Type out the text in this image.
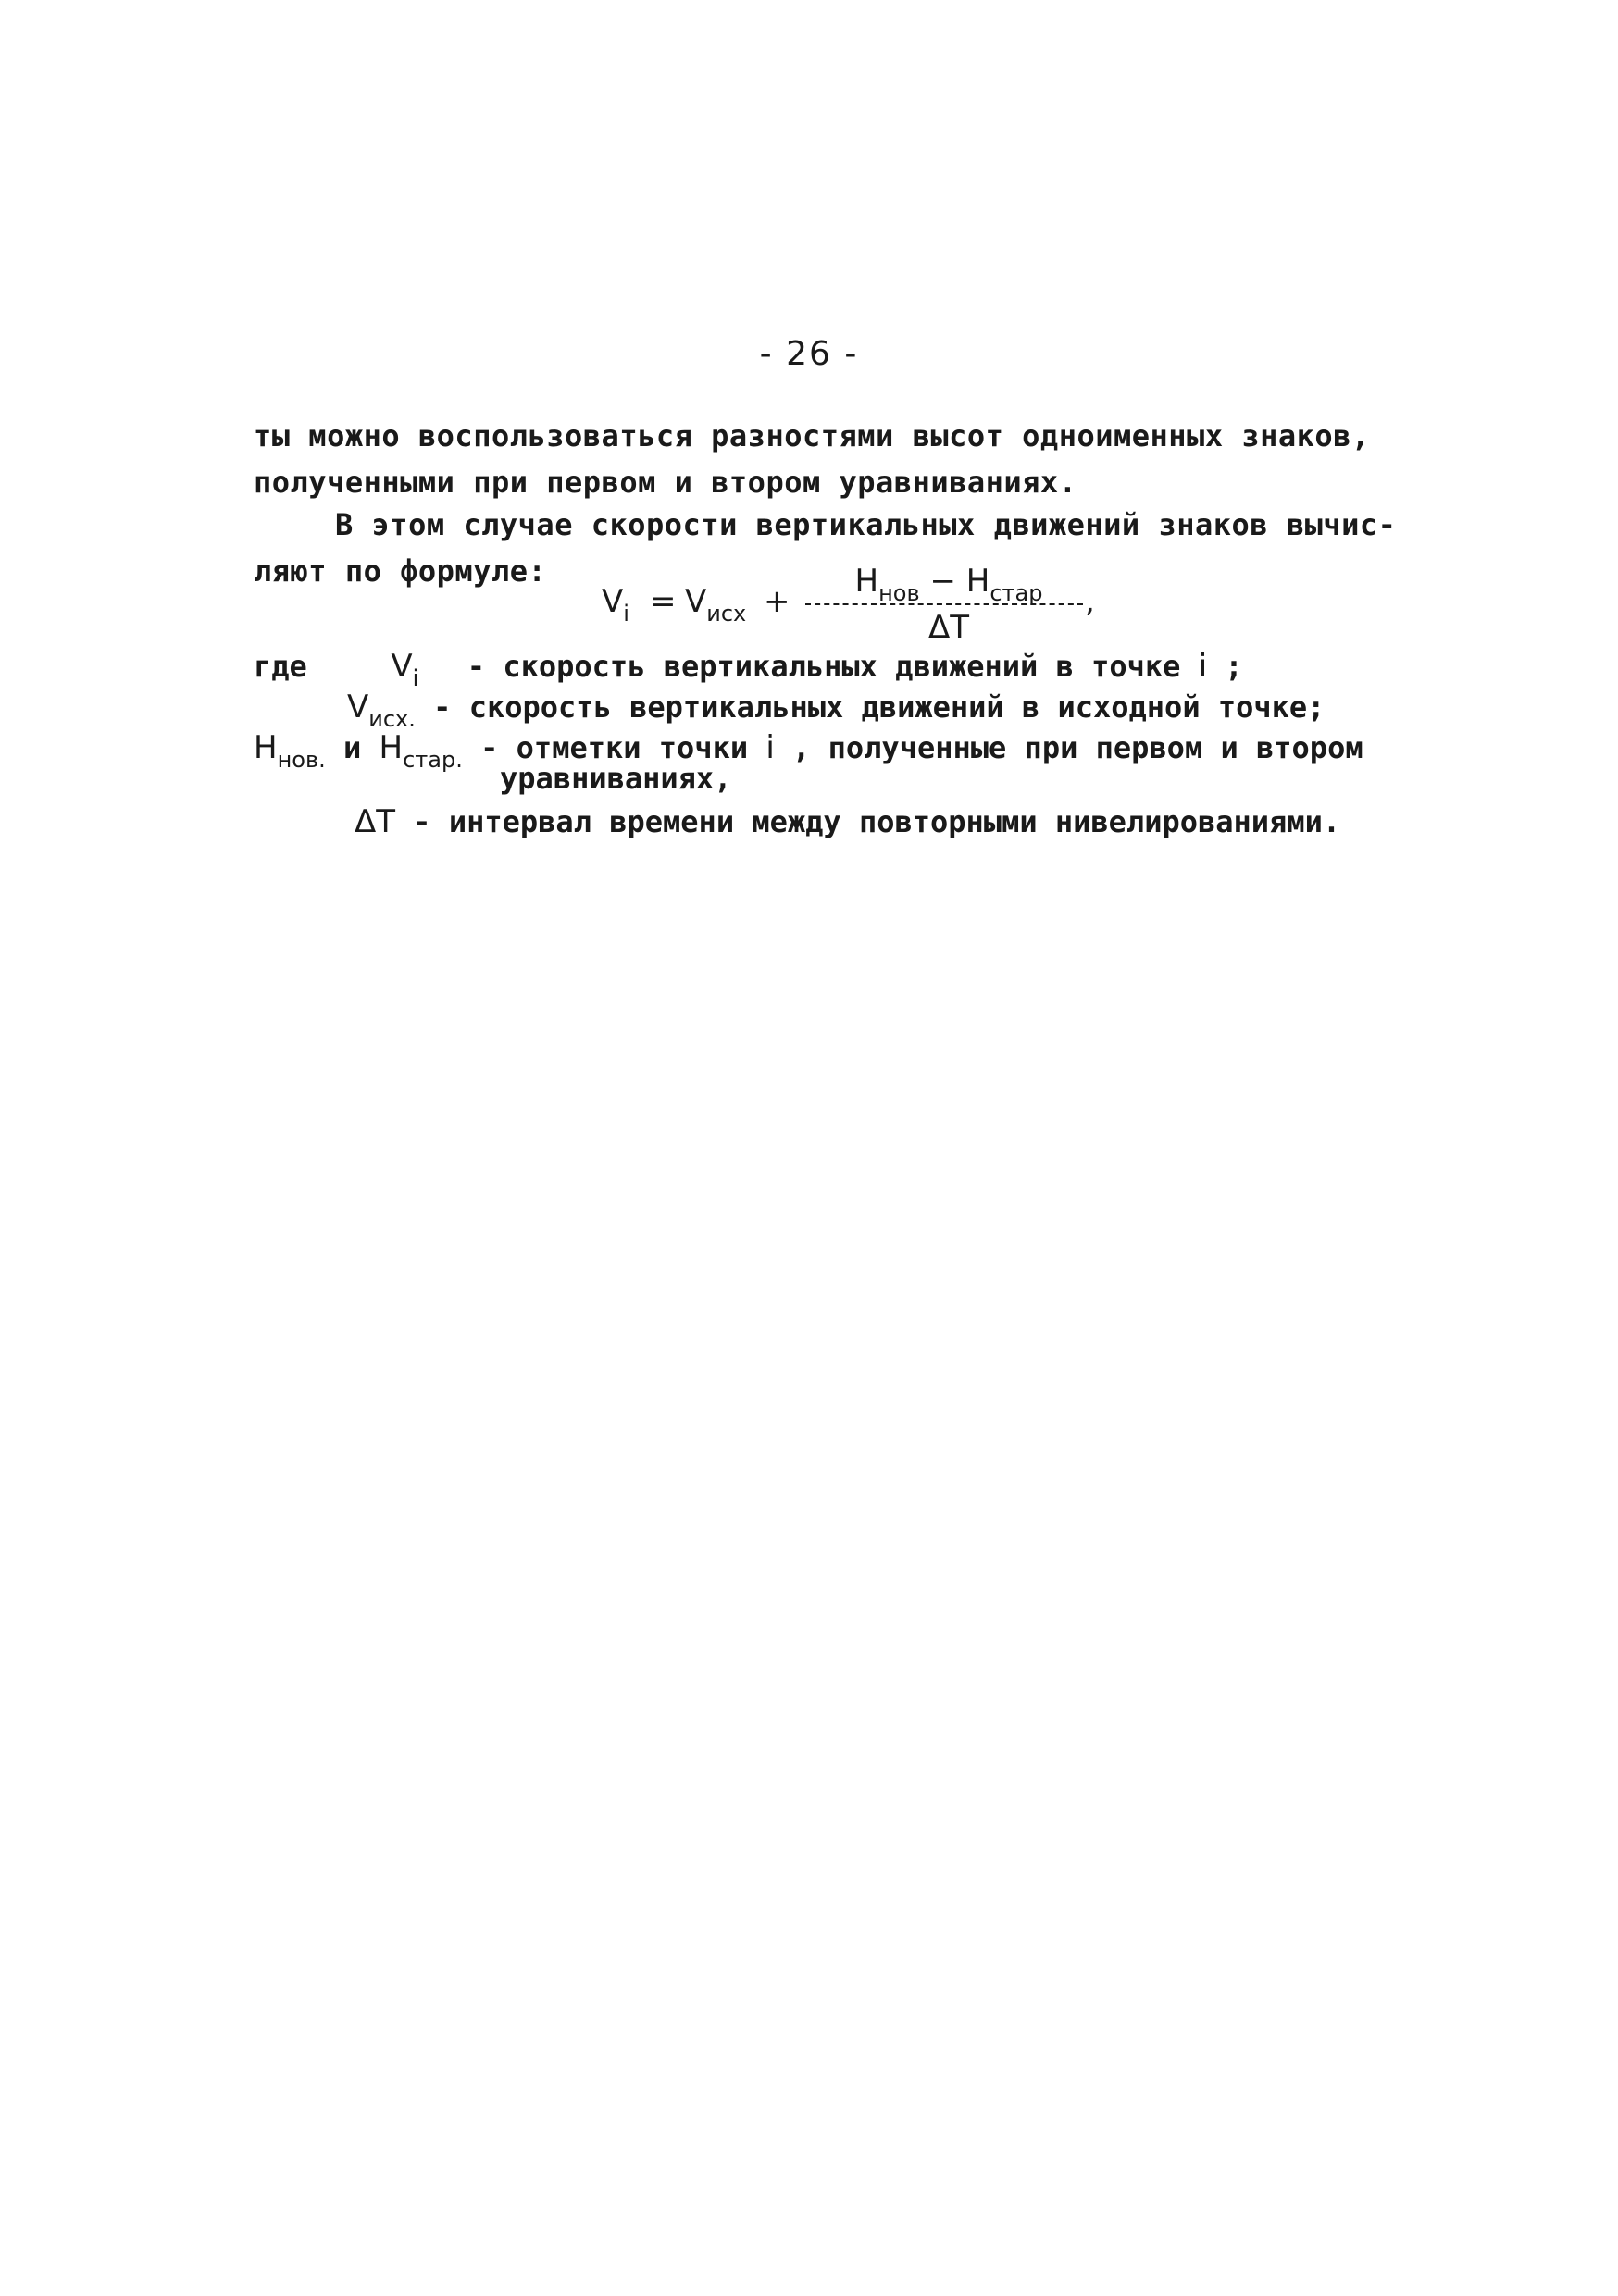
- 26 -
ты можно воспользоваться разностями высот одноименных знаков,
полученными при первом и втором уравниваниях.
В этом случае скорости вертикальных движений знаков вычис-
ляют по формуле:
$V_i = V_{исх}$ +
$H_{нов} - H_{стар}$
ΔT
,
где	$V_i$ - скорость вертикальных движений в точке i ;
$V_{исх.}$ - скорость вертикальных движений в исходной точке;
$H_{нов.}$ и $H_{стар.}$ - отметки точки i , полученные при первом и втором
уравниваниях,
ΔT - интервал времени между повторными нивелированиями.
